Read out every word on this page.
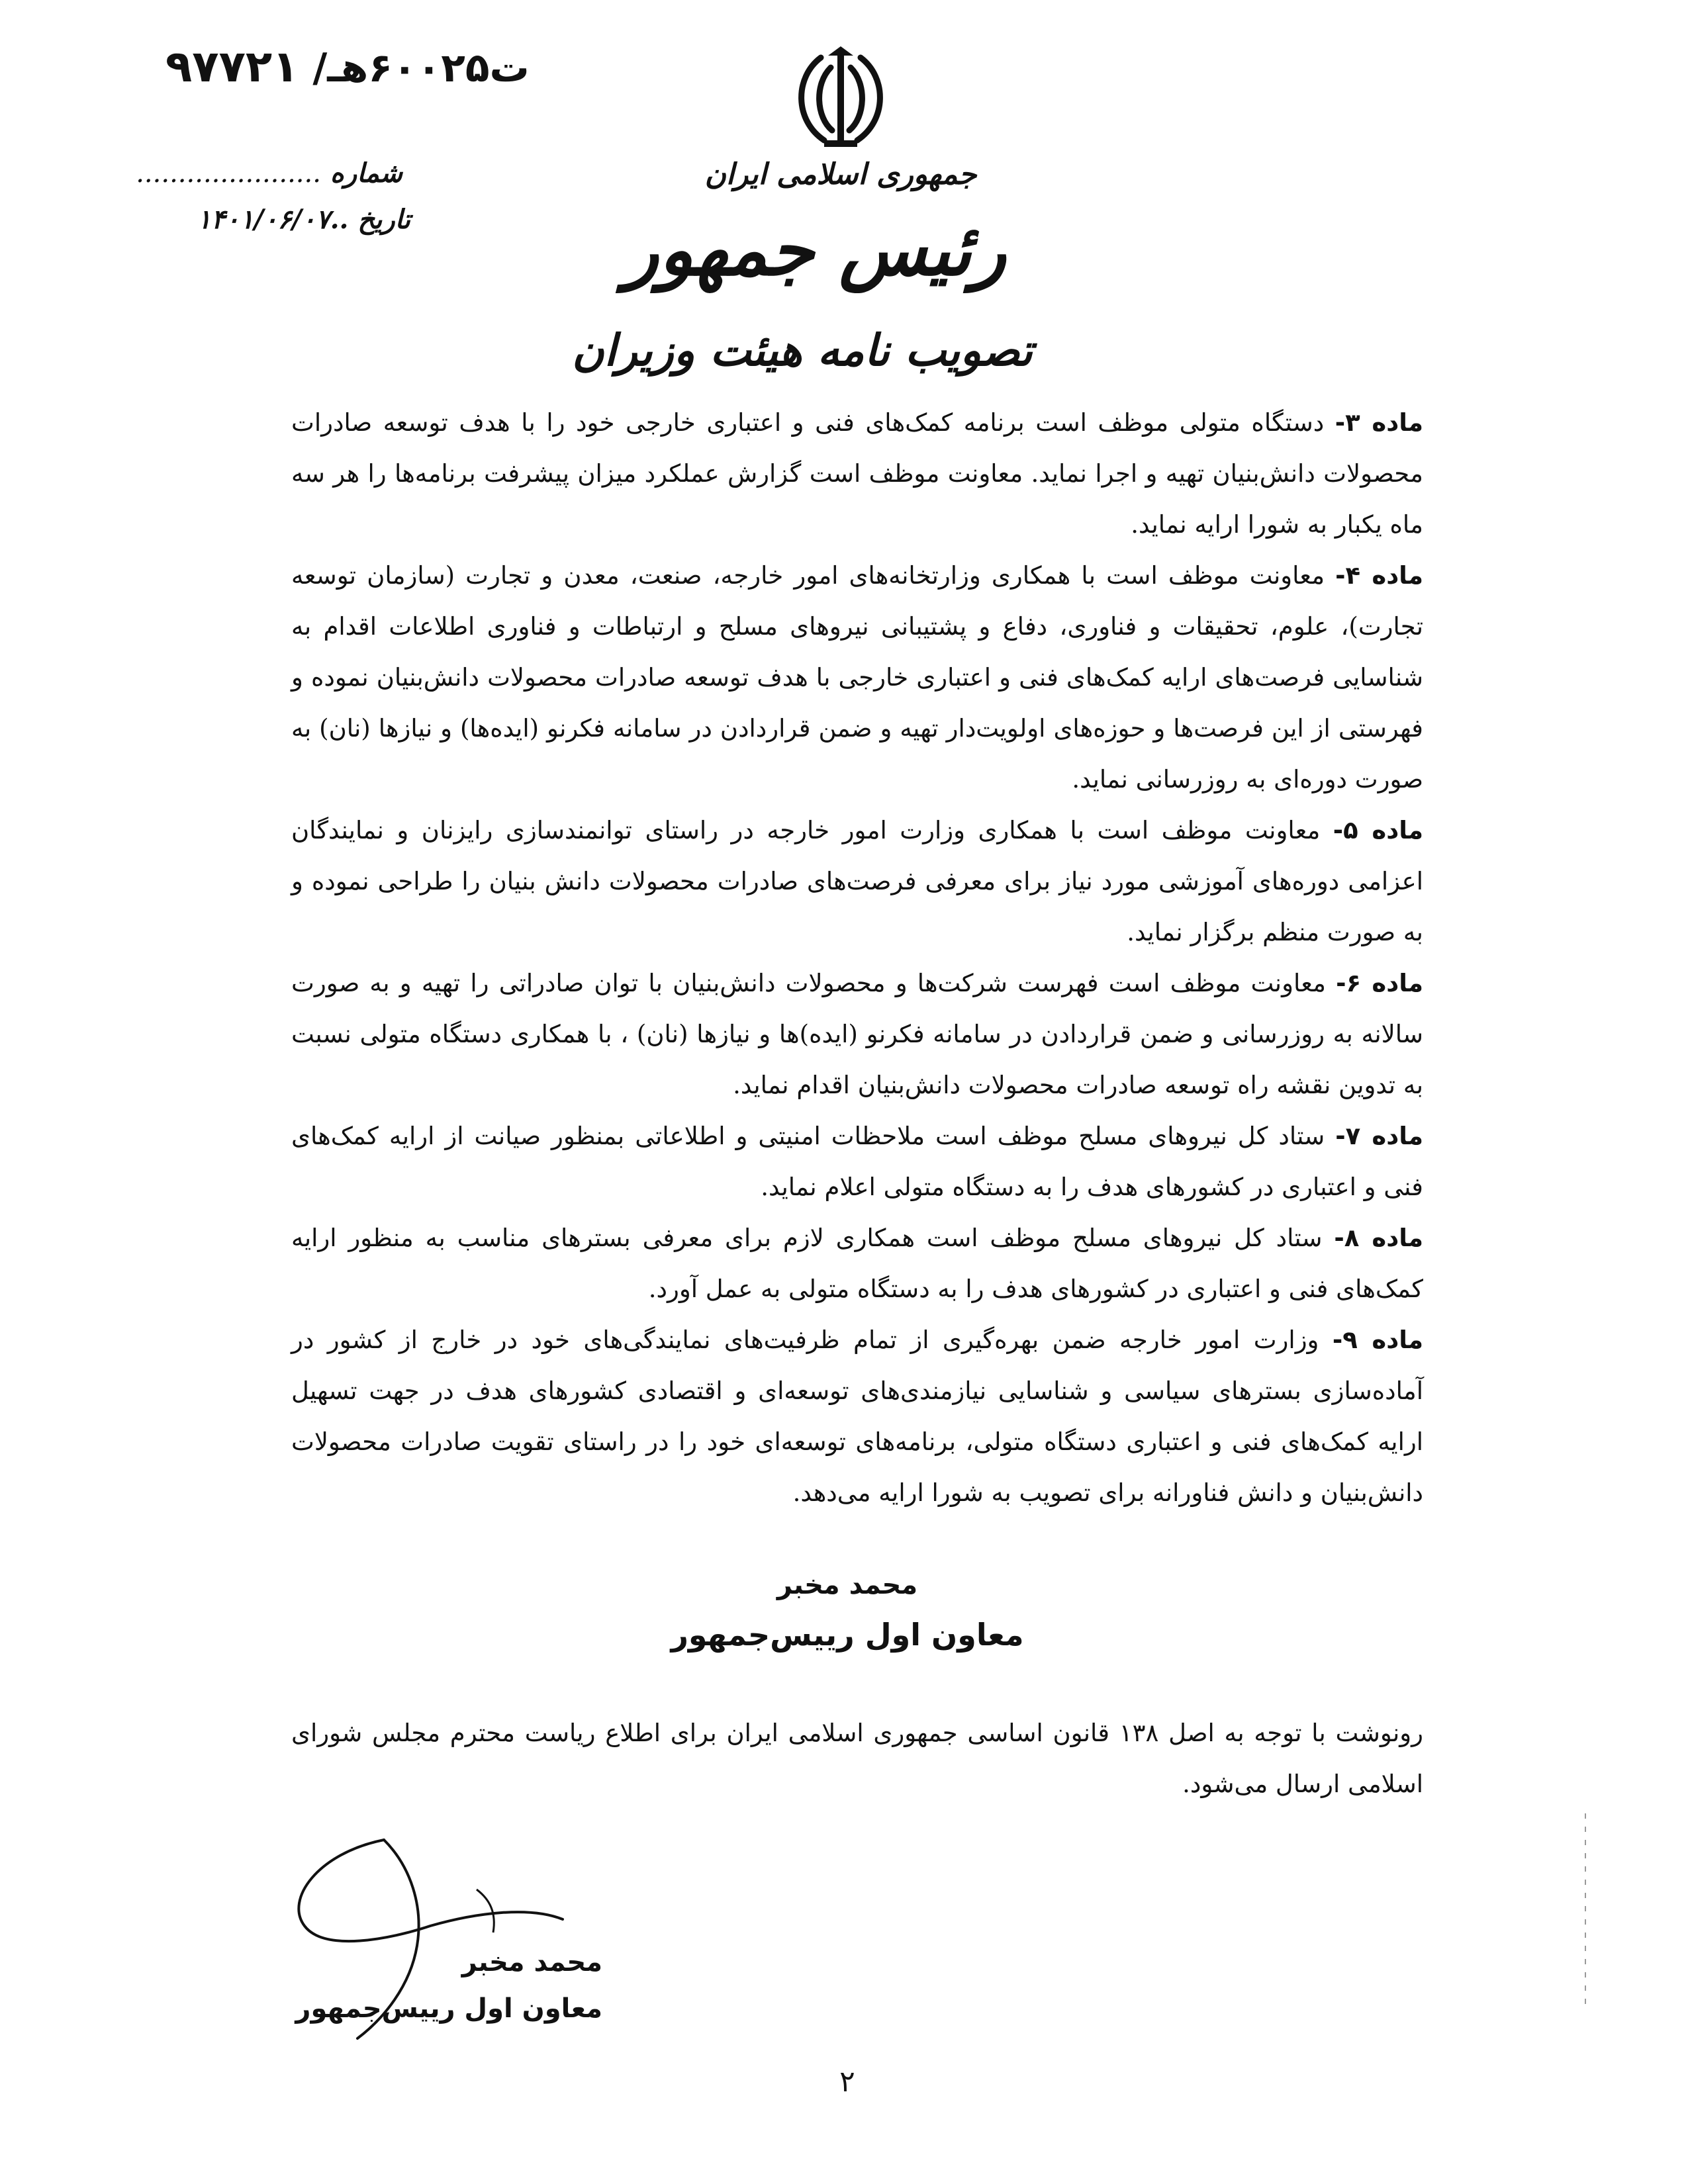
ت۶۰۰۲۵هـ/ ۹۷۷۲۱
جمهوری اسلامی ایران
رئیس جمهور
تصویب نامه هیئت وزیران
شماره ......................
تاریخ ..۱۴۰۱/۰۶/۰۷

ماده ۳- دستگاه متولی موظف است برنامه کمک‌های فنی و اعتباری خارجی خود را با هدف توسعه صادرات محصولات دانش‌بنیان تهیه و اجرا نماید. معاونت موظف است گزارش عملکرد میزان پیشرفت برنامه‌ها را هر سه ماه یکبار به شورا ارایه نماید.

ماده ۴- معاونت موظف است با همکاری وزارتخانه‌های امور خارجه، صنعت، معدن و تجارت (سازمان توسعه تجارت)، علوم، تحقیقات و فناوری، دفاع و پشتیبانی نیروهای مسلح و ارتباطات و فناوری اطلاعات اقدام به شناسایی فرصت‌های ارایه کمک‌های فنی و اعتباری خارجی با هدف توسعه صادرات محصولات دانش‌بنیان نموده و فهرستی از این فرصت‌ها و حوزه‌های اولویت‌دار تهیه و ضمن قراردادن در سامانه فکرنو (ایده‌ها) و نیازها (نان) به صورت دوره‌ای به روزرسانی نماید.

ماده ۵- معاونت موظف است با همکاری وزارت امور خارجه در راستای توانمندسازی رایزنان و نمایندگان اعزامی دوره‌های آموزشی مورد نیاز برای معرفی فرصت‌های صادرات محصولات دانش بنیان را طراحی نموده و به صورت منظم برگزار نماید.

ماده ۶- معاونت موظف است فهرست شرکت‌ها و محصولات دانش‌بنیان با توان صادراتی را تهیه و به صورت سالانه به روزرسانی و ضمن قراردادن در سامانه فکرنو (ایده)ها و نیازها (نان) ، با همکاری دستگاه متولی نسبت به تدوین نقشه راه توسعه صادرات محصولات دانش‌بنیان اقدام نماید.

ماده ۷- ستاد کل نیروهای مسلح موظف است ملاحظات امنیتی و اطلاعاتی بمنظور صیانت از ارایه کمک‌های فنی و اعتباری در کشورهای هدف را به دستگاه متولی اعلام نماید.

ماده ۸- ستاد کل نیروهای مسلح موظف است همکاری لازم برای معرفی بسترهای مناسب به منظور ارایه کمک‌های فنی و اعتباری در کشورهای هدف را به دستگاه متولی به عمل آورد.

ماده ۹- وزارت امور خارجه ضمن بهره‌گیری از تمام ظرفیت‌های نمایندگی‌های خود در خارج از کشور در آماده‌سازی بسترهای سیاسی و شناسایی نیازمندی‌های توسعه‌ای و اقتصادی کشورهای هدف در جهت تسهیل ارایه کمک‌های فنی و اعتباری دستگاه متولی، برنامه‌های توسعه‌ای خود را در راستای تقویت صادرات محصولات دانش‌بنیان و دانش فناورانه برای تصویب به شورا ارایه می‌دهد.

محمد مخبر
معاون اول رییس‌جمهور
رونوشت با توجه به اصل ۱۳۸ قانون اساسی جمهوری اسلامی ایران برای اطلاع ریاست محترم مجلس شورای اسلامی ارسال می‌شود.
محمد مخبر
معاون اول رییس‌جمهور
۲
